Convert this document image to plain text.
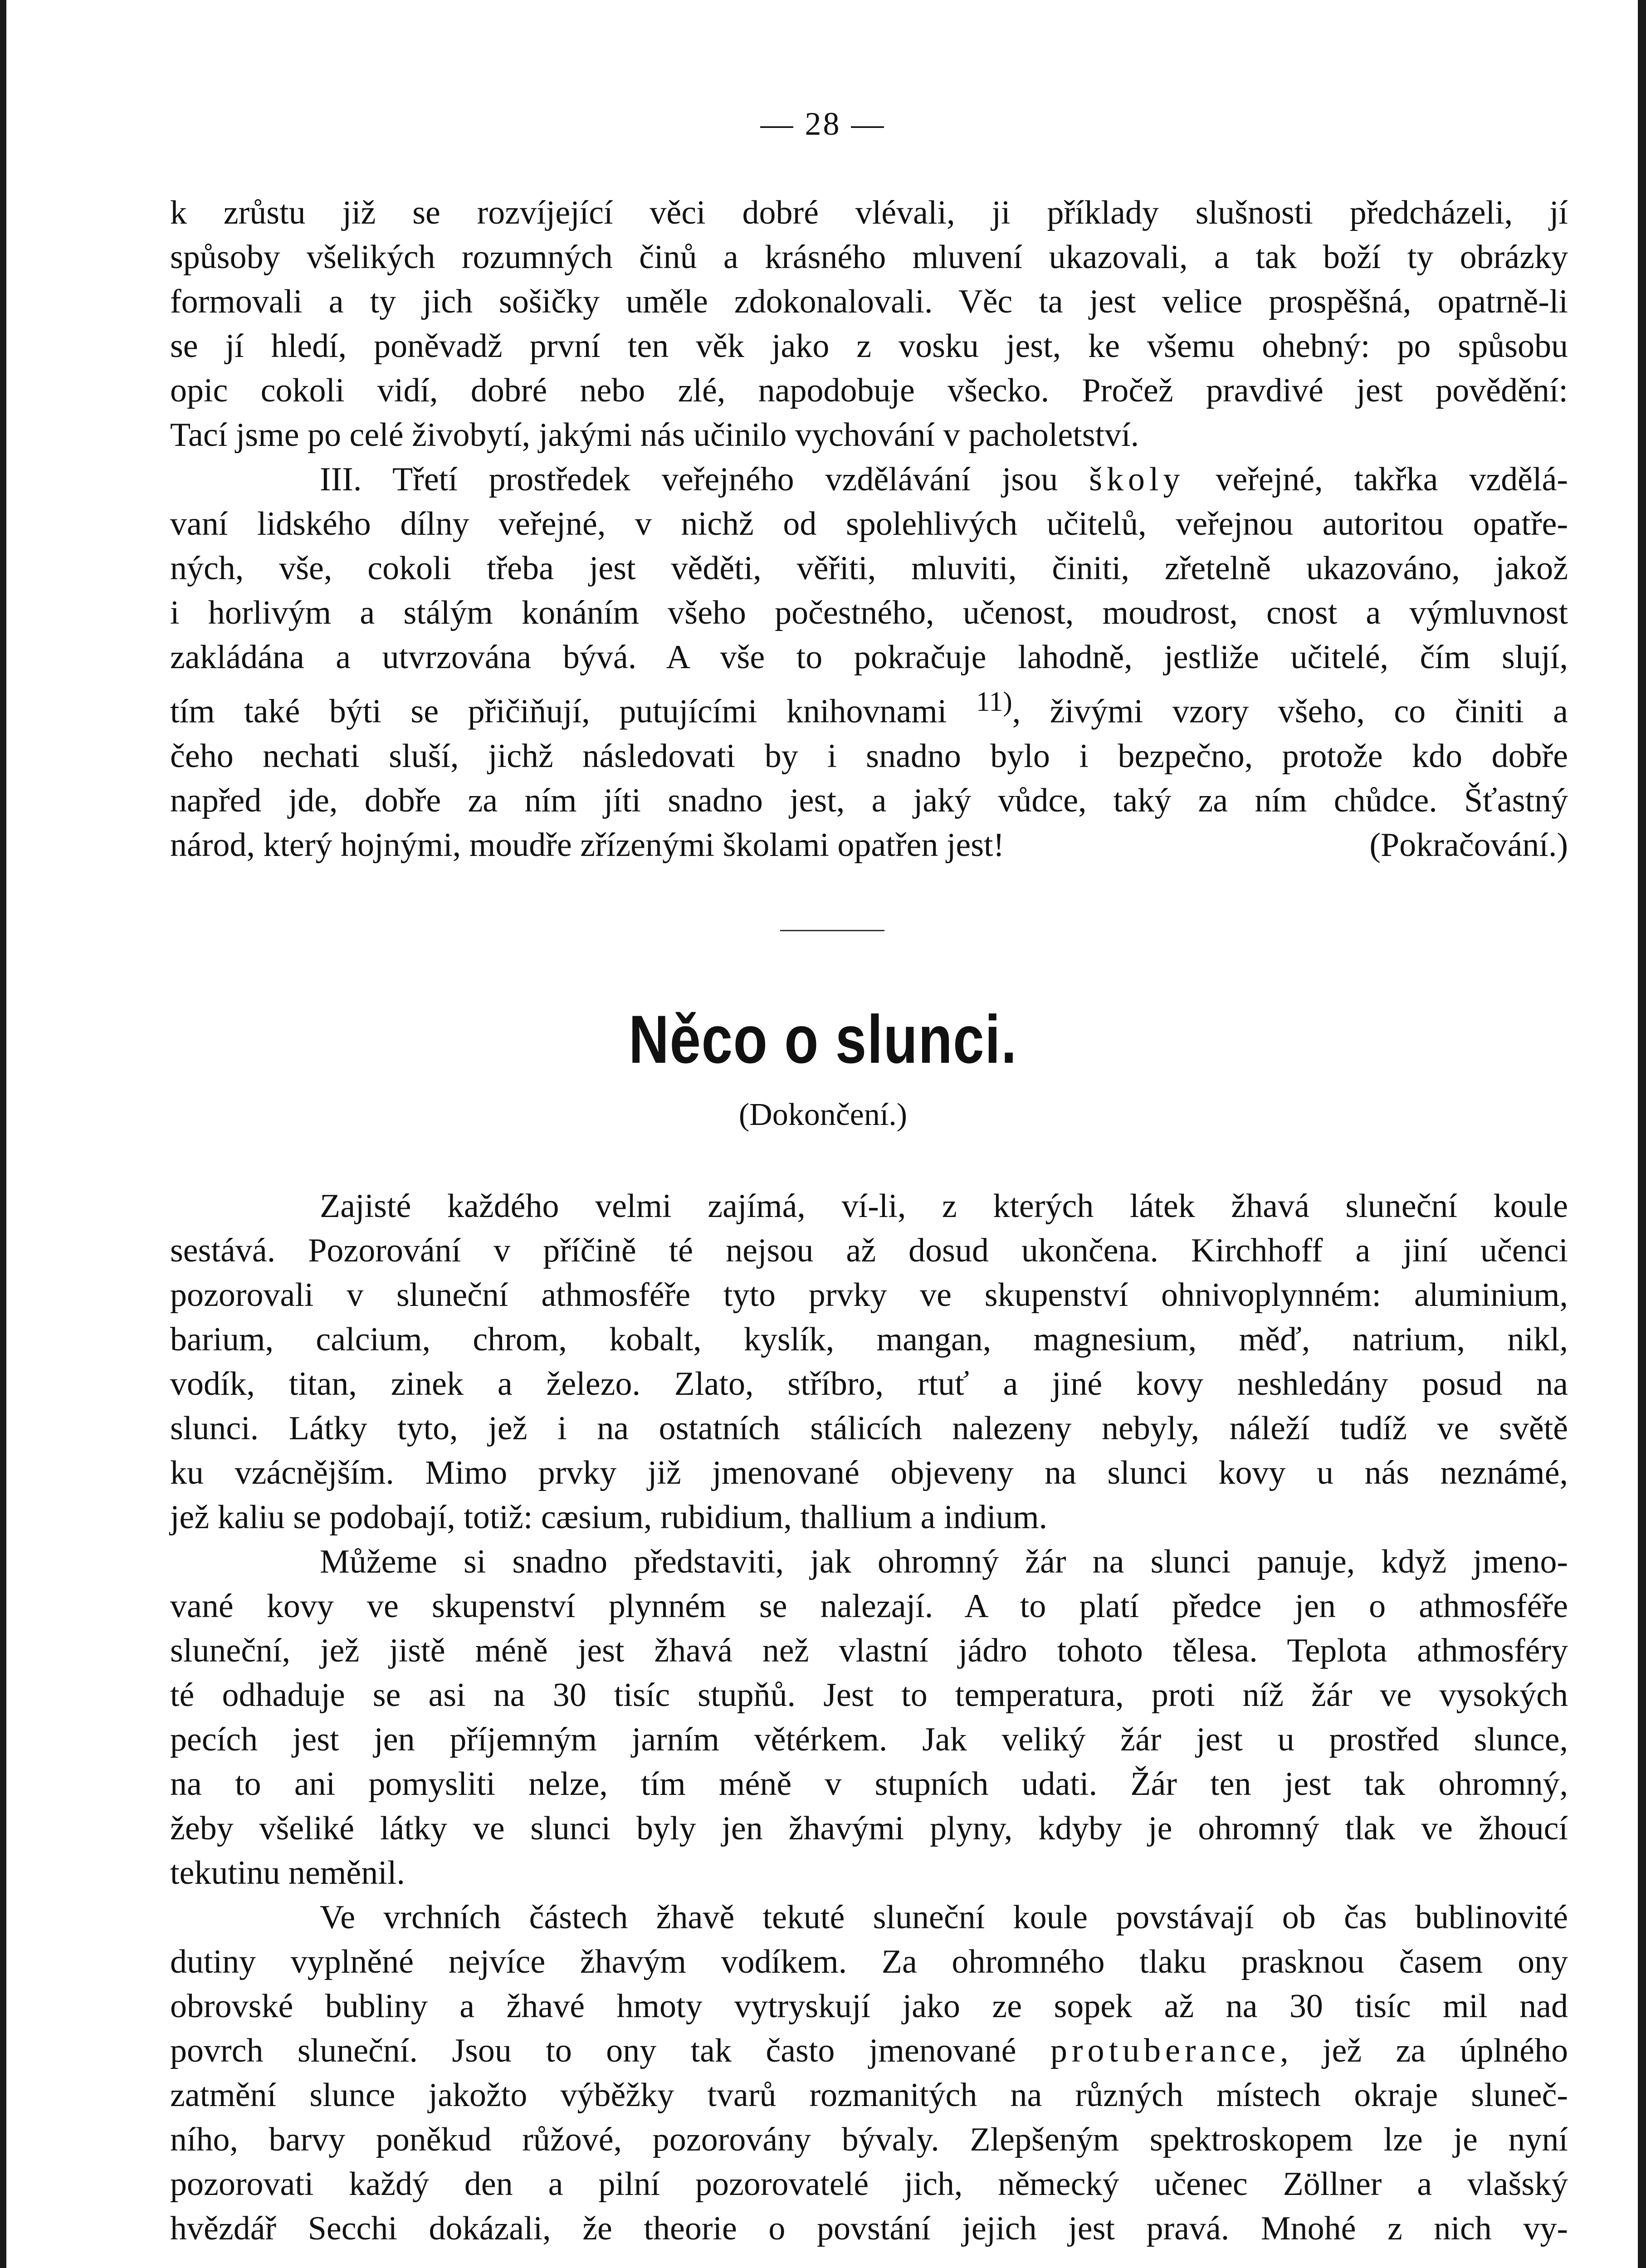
— 28 —
k zrůstu již se rozvíjející věci dobré vlévali, ji příklady slušnosti předcházeli, jí
spůsoby všelikých rozumných činů a krásného mluvení ukazovali, a tak boží ty obrázky
formovali a ty jich sošičky uměle zdokonalovali. Věc ta jest velice prospěšná, opatrně-li
se jí hledí, poněvadž první ten věk jako z vosku jest, ke všemu ohebný: po spůsobu
opic cokoli vidí, dobré nebo zlé, napodobuje všecko. Pročež pravdivé jest povědění:
Tací jsme po celé živobytí, jakými nás učinilo vychování v pacholetství.
III. Třetí prostředek veřejného vzdělávání jsou školy veřejné, takřka vzdělá-
vaní lidského dílny veřejné, v nichž od spolehlivých učitelů, veřejnou autoritou opatře-
ných, vše, cokoli třeba jest věděti, věřiti, mluviti, činiti, zřetelně ukazováno, jakož
i horlivým a stálým konáním všeho počestného, učenost, moudrost, cnost a výmluvnost
zakládána a utvrzována bývá. A vše to pokračuje lahodně, jestliže učitelé, čím slují,
tím také býti se přičiňují, putujícími knihovnami $^{11)}$, živými vzory všeho, co činiti a
čeho nechati sluší, jichž následovati by i snadno bylo i bezpečno, protože kdo dobře
napřed jde, dobře za ním jíti snadno jest, a jaký vůdce, taký za ním chůdce. Šťastný
národ, který hojnými, moudře zřízenými školami opatřen jest!	(Pokračování.)
Něco o slunci.
(Dokončení.)
Zajisté každého velmi zajímá, ví-li, z kterých látek žhavá sluneční koule
sestává. Pozorování v příčině té nejsou až dosud ukončena. Kirchhoff a jiní učenci
pozorovali v sluneční athmosféře tyto prvky ve skupenství ohnivoplynném: aluminium,
barium, calcium, chrom, kobalt, kyslík, mangan, magnesium, měď, natrium, nikl,
vodík, titan, zinek a železo. Zlato, stříbro, rtuť a jiné kovy neshledány posud na
slunci. Látky tyto, jež i na ostatních stálicích nalezeny nebyly, náleží tudíž ve světě
ku vzácnějším. Mimo prvky již jmenované objeveny na slunci kovy u nás neznámé,
jež kaliu se podobají, totiž: cæsium, rubidium, thallium a indium.
Můžeme si snadno představiti, jak ohromný žár na slunci panuje, když jmeno-
vané kovy ve skupenství plynném se nalezají. A to platí předce jen o athmosféře
sluneční, jež jistě méně jest žhavá než vlastní jádro tohoto tělesa. Teplota athmosféry
té odhaduje se asi na 30 tisíc stupňů. Jest to temperatura, proti níž žár ve vysokých
pecích jest jen příjemným jarním větérkem. Jak veliký žár jest u prostřed slunce,
na to ani pomysliti nelze, tím méně v stupních udati. Žár ten jest tak ohromný,
žeby všeliké látky ve slunci byly jen žhavými plyny, kdyby je ohromný tlak ve žhoucí
tekutinu neměnil.
Ve vrchních částech žhavě tekuté sluneční koule povstávají ob čas bublinovité
dutiny vyplněné nejvíce žhavým vodíkem. Za ohromného tlaku prasknou časem ony
obrovské bubliny a žhavé hmoty vytryskují jako ze sopek až na 30 tisíc mil nad
povrch sluneční. Jsou to ony tak často jmenované protuberance, jež za úplného
zatmění slunce jakožto výběžky tvarů rozmanitých na různých místech okraje sluneč-
ního, barvy poněkud růžové, pozorovány bývaly. Zlepšeným spektroskopem lze je nyní
pozorovati každý den a pilní pozorovatelé jich, německý učenec Zöllner a vlašský
hvězdář Secchi dokázali, že theorie o povstání jejich jest pravá. Mnohé z nich vy-
